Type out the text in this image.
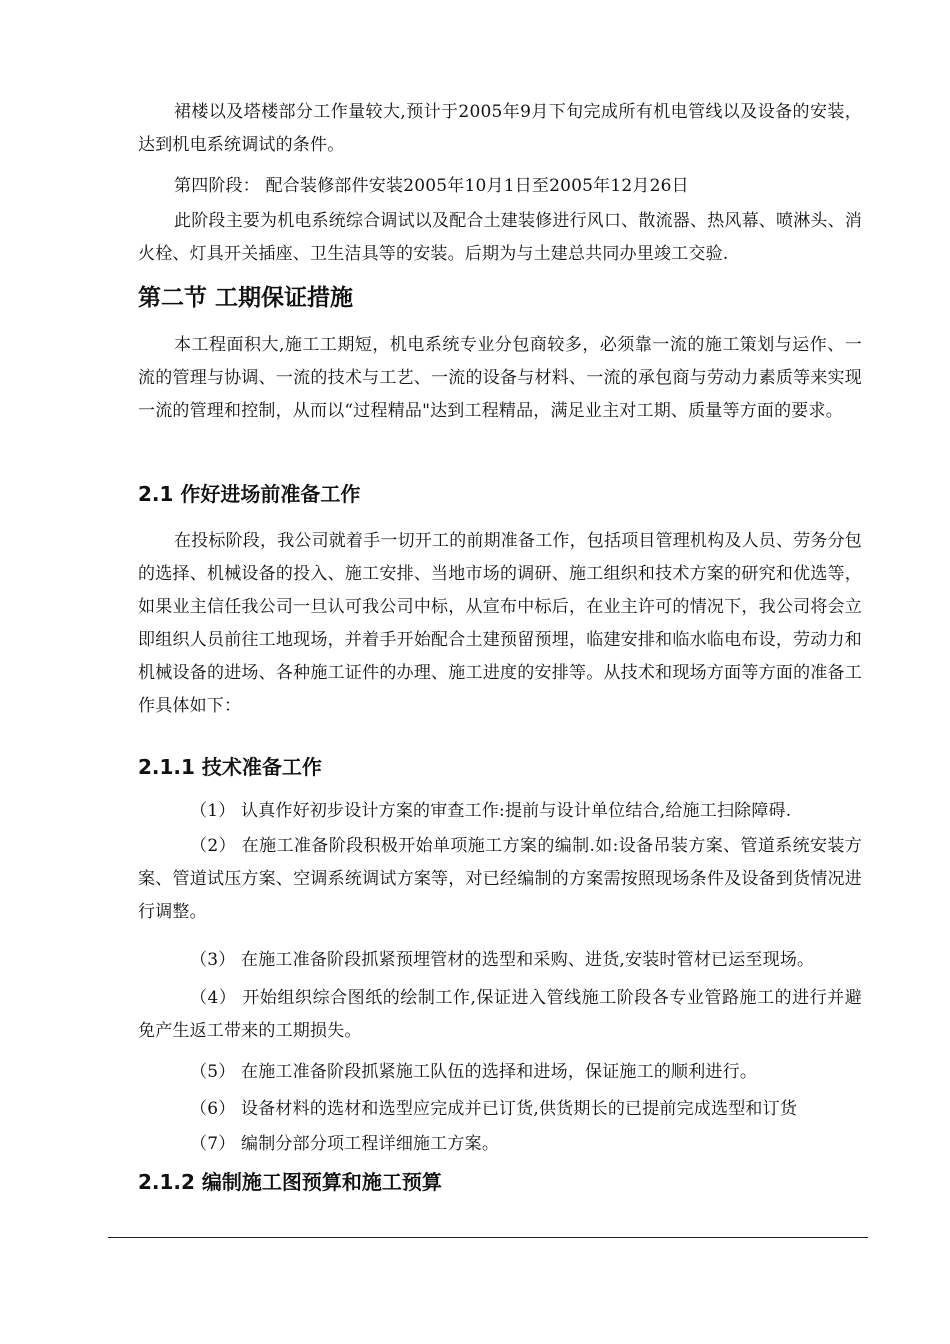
裙楼以及塔楼部分工作量较大,预计于2005年9月下旬完成所有机电管线以及设备的安装，达到机电系统调试的条件。

第四阶段： 配合装修部件安装2005年10月1日至2005年12月26日

此阶段主要为机电系统综合调试以及配合土建装修进行风口、散流器、热风幕、喷淋头、消火栓、灯具开关插座、卫生洁具等的安装。后期为与土建总共同办里竣工交验.

第二节 工期保证措施

本工程面积大,施工工期短，机电系统专业分包商较多，必须靠一流的施工策划与运作、一流的管理与协调、一流的技术与工艺、一流的设备与材料、一流的承包商与劳动力素质等来实现一流的管理和控制，从而以“过程精品"达到工程精品，满足业主对工期、质量等方面的要求。

2.1 作好进场前准备工作

在投标阶段，我公司就着手一切开工的前期准备工作，包括项目管理机构及人员、劳务分包的选择、机械设备的投入、施工安排、当地市场的调研、施工组织和技术方案的研究和优选等，如果业主信任我公司一旦认可我公司中标，从宣布中标后，在业主许可的情况下，我公司将会立即组织人员前往工地现场，并着手开始配合土建预留预埋，临建安排和临水临电布设，劳动力和机械设备的进场、各种施工证件的办理、施工进度的安排等。从技术和现场方面等方面的准备工作具体如下：

2.1.1 技术准备工作

（1） 认真作好初步设计方案的审查工作:提前与设计单位结合,给施工扫除障碍.

（2） 在施工准备阶段积极开始单项施工方案的编制.如:设备吊装方案、管道系统安装方案、管道试压方案、空调系统调试方案等，对已经编制的方案需按照现场条件及设备到货情况进行调整。

（3） 在施工准备阶段抓紧预埋管材的选型和采购、进货,安装时管材已运至现场。

（4） 开始组织综合图纸的绘制工作,保证进入管线施工阶段各专业管路施工的进行并避免产生返工带来的工期损失。

（5） 在施工准备阶段抓紧施工队伍的选择和进场，保证施工的顺利进行。

（6） 设备材料的选材和选型应完成并已订货,供货期长的已提前完成选型和订货

（7） 编制分部分项工程详细施工方案。

2.1.2 编制施工图预算和施工预算
